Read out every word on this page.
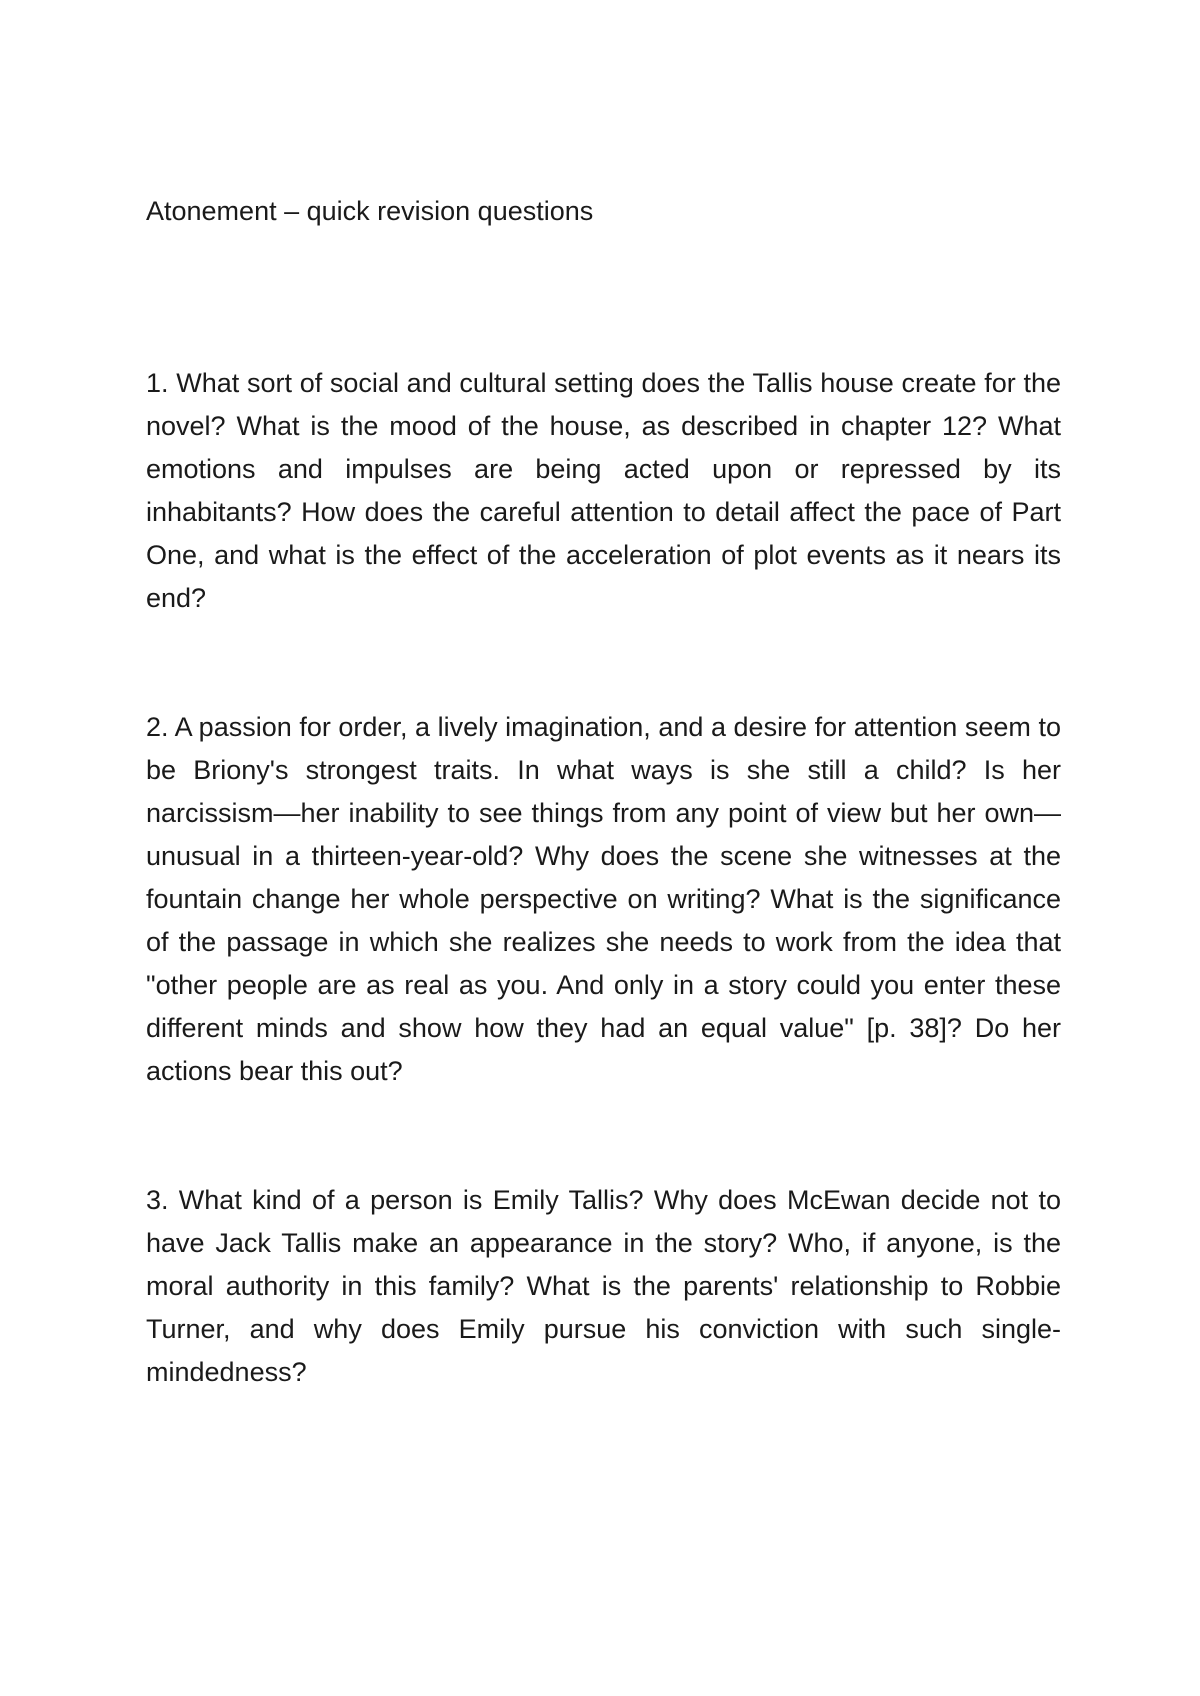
Atonement – quick revision questions

1. What sort of social and cultural setting does the Tallis house create for the novel? What is the mood of the house, as described in chapter 12? What emotions and impulses are being acted upon or repressed by its inhabitants? How does the careful attention to detail affect the pace of Part One, and what is the effect of the acceleration of plot events as it nears its end?

2. A passion for order, a lively imagination, and a desire for attention seem to be Briony's strongest traits. In what ways is she still a child? Is her narcissism—her inability to see things from any point of view but her own—unusual in a thirteen-year-old? Why does the scene she witnesses at the fountain change her whole perspective on writing? What is the significance of the passage in which she realizes she needs to work from the idea that "other people are as real as you. And only in a story could you enter these different minds and show how they had an equal value" [p. 38]? Do her actions bear this out?

3. What kind of a person is Emily Tallis? Why does McEwan decide not to have Jack Tallis make an appearance in the story? Who, if anyone, is the moral authority in this family? What is the parents' relationship to Robbie Turner, and why does Emily pursue his conviction with such single-mindedness?
